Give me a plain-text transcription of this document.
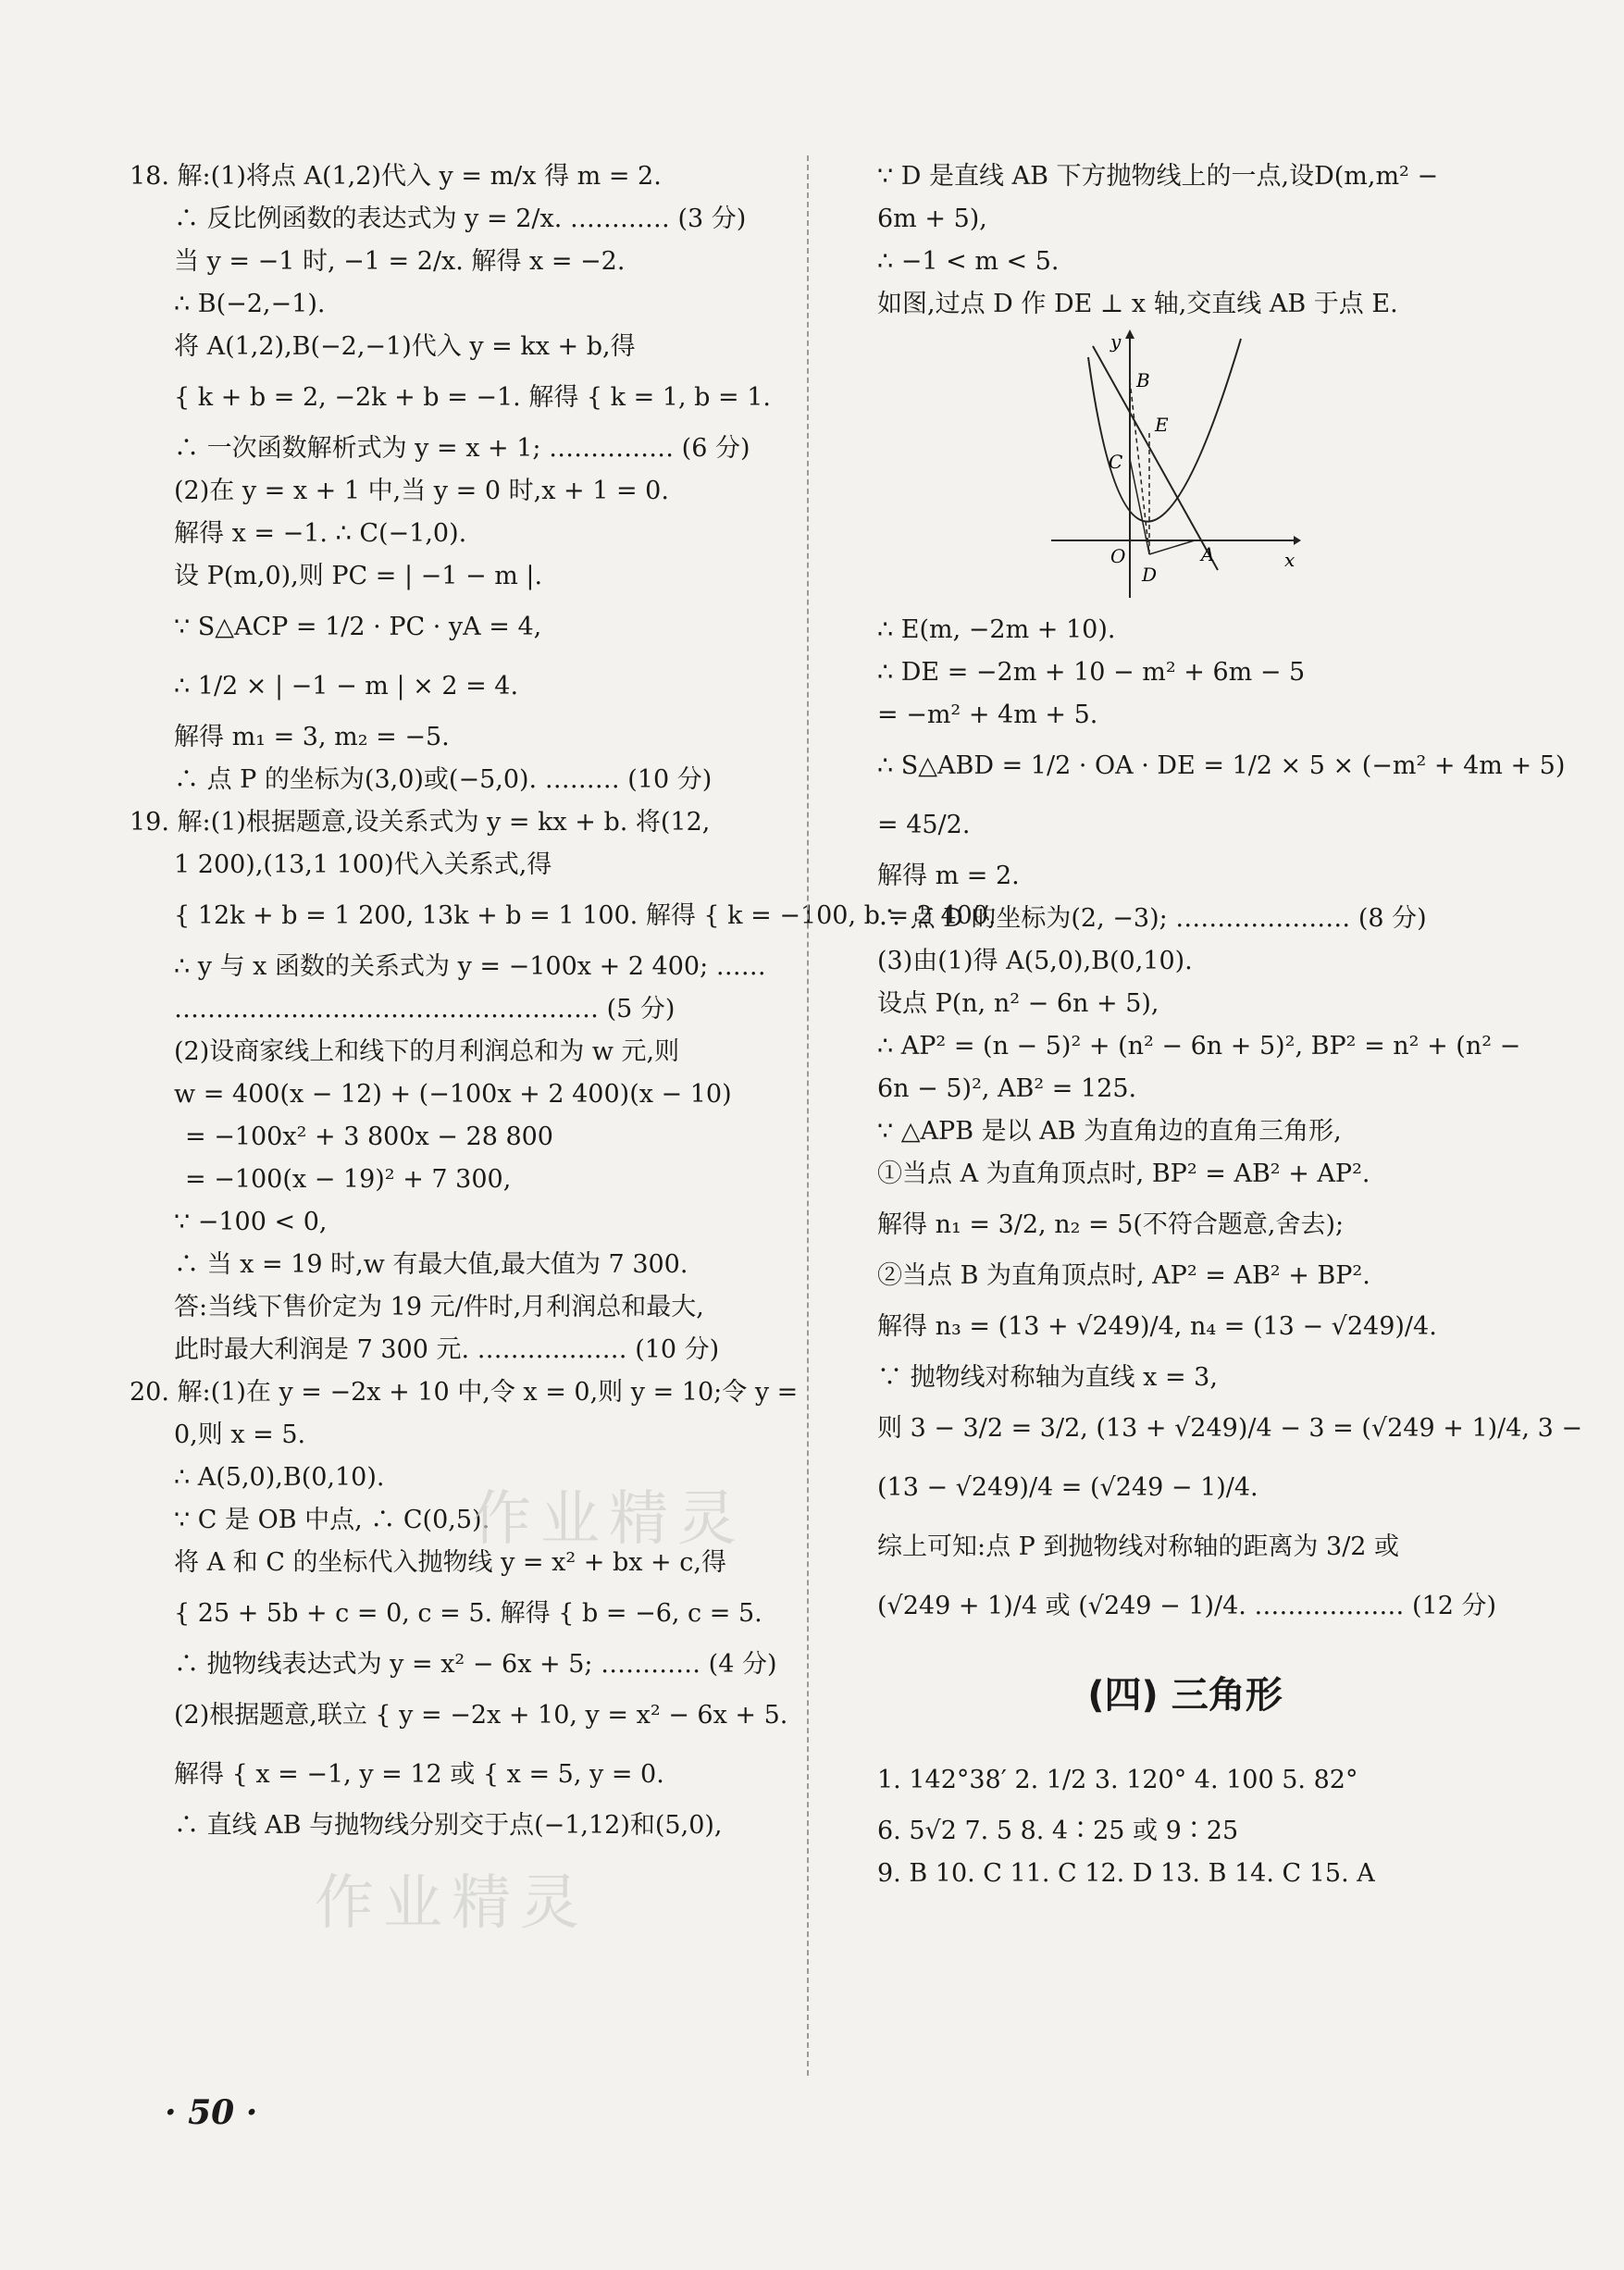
18. 解:(1)将点 A(1,2)代入 y = m/x 得 m = 2.
∴ 反比例函数的表达式为 y = 2/x. ………… (3 分)
当 y = −1 时, −1 = 2/x. 解得 x = −2.
∴ B(−2,−1).
将 A(1,2),B(−2,−1)代入 y = kx + b,得
{ k + b = 2, −2k + b = −1. 解得 { k = 1, b = 1.
∴ 一次函数解析式为 y = x + 1; …………… (6 分)
(2)在 y = x + 1 中,当 y = 0 时,x + 1 = 0.
解得 x = −1. ∴ C(−1,0).
设 P(m,0),则 PC = | −1 − m |.
∵ S△ACP = 1/2 · PC · yA = 4,
∴ 1/2 × | −1 − m | × 2 = 4.
解得 m₁ = 3, m₂ = −5.
∴ 点 P 的坐标为(3,0)或(−5,0). ……… (10 分)
19. 解:(1)根据题意,设关系式为 y = kx + b. 将(12,
1 200),(13,1 100)代入关系式,得
{ 12k + b = 1 200, 13k + b = 1 100. 解得 { k = −100, b = 2 400.
∴ y 与 x 函数的关系式为 y = −100x + 2 400; ……
…………………………………………… (5 分)
(2)设商家线上和线下的月利润总和为 w 元,则
w = 400(x − 12) + (−100x + 2 400)(x − 10)
= −100x² + 3 800x − 28 800
= −100(x − 19)² + 7 300,
∵ −100 < 0,
∴ 当 x = 19 时,w 有最大值,最大值为 7 300.
答:当线下售价定为 19 元/件时,月利润总和最大,
此时最大利润是 7 300 元. ……………… (10 分)
20. 解:(1)在 y = −2x + 10 中,令 x = 0,则 y = 10;令 y =
0,则 x = 5.
∴ A(5,0),B(0,10).
∵ C 是 OB 中点, ∴ C(0,5).
将 A 和 C 的坐标代入抛物线 y = x² + bx + c,得
{ 25 + 5b + c = 0, c = 5. 解得 { b = −6, c = 5.
∴ 抛物线表达式为 y = x² − 6x + 5; ………… (4 分)
(2)根据题意,联立 { y = −2x + 10, y = x² − 6x + 5.
解得 { x = −1, y = 12 或 { x = 5, y = 0.
∴ 直线 AB 与抛物线分别交于点(−1,12)和(5,0),
∵ D 是直线 AB 下方抛物线上的一点,设D(m,m² −
6m + 5),
∴ −1 < m < 5.
如图,过点 D 作 DE ⊥ x 轴,交直线 AB 于点 E.
y
x
O	A
B
C
D
E
∴ E(m, −2m + 10).
∴ DE = −2m + 10 − m² + 6m − 5
= −m² + 4m + 5.
∴ S△ABD = 1/2 · OA · DE = 1/2 × 5 × (−m² + 4m + 5)
= 45/2.
解得 m = 2.
∴ 点 D 的坐标为(2, −3); ………………… (8 分)
(3)由(1)得 A(5,0),B(0,10).
设点 P(n, n² − 6n + 5),
∴ AP² = (n − 5)² + (n² − 6n + 5)², BP² = n² + (n² −
6n − 5)², AB² = 125.
∵ △APB 是以 AB 为直角边的直角三角形,
①当点 A 为直角顶点时, BP² = AB² + AP².
解得 n₁ = 3/2, n₂ = 5(不符合题意,舍去);
②当点 B 为直角顶点时, AP² = AB² + BP².
解得 n₃ = (13 + √249)/4, n₄ = (13 − √249)/4.
∵ 抛物线对称轴为直线 x = 3,
则 3 − 3/2 = 3/2, (13 + √249)/4 − 3 = (√249 + 1)/4, 3 −
(13 − √249)/4 = (√249 − 1)/4.
综上可知:点 P 到抛物线对称轴的距离为 3/2 或
(√249 + 1)/4 或 (√249 − 1)/4. ……………… (12 分)
(四) 三角形
1. 142°38′ 2. 1/2 3. 120° 4. 100 5. 82°
6. 5√2 7. 5 8. 4∶25 或 9∶25
9. B 10. C 11. C 12. D 13. B 14. C 15. A
作业精灵
作业精灵
· 50 ·
